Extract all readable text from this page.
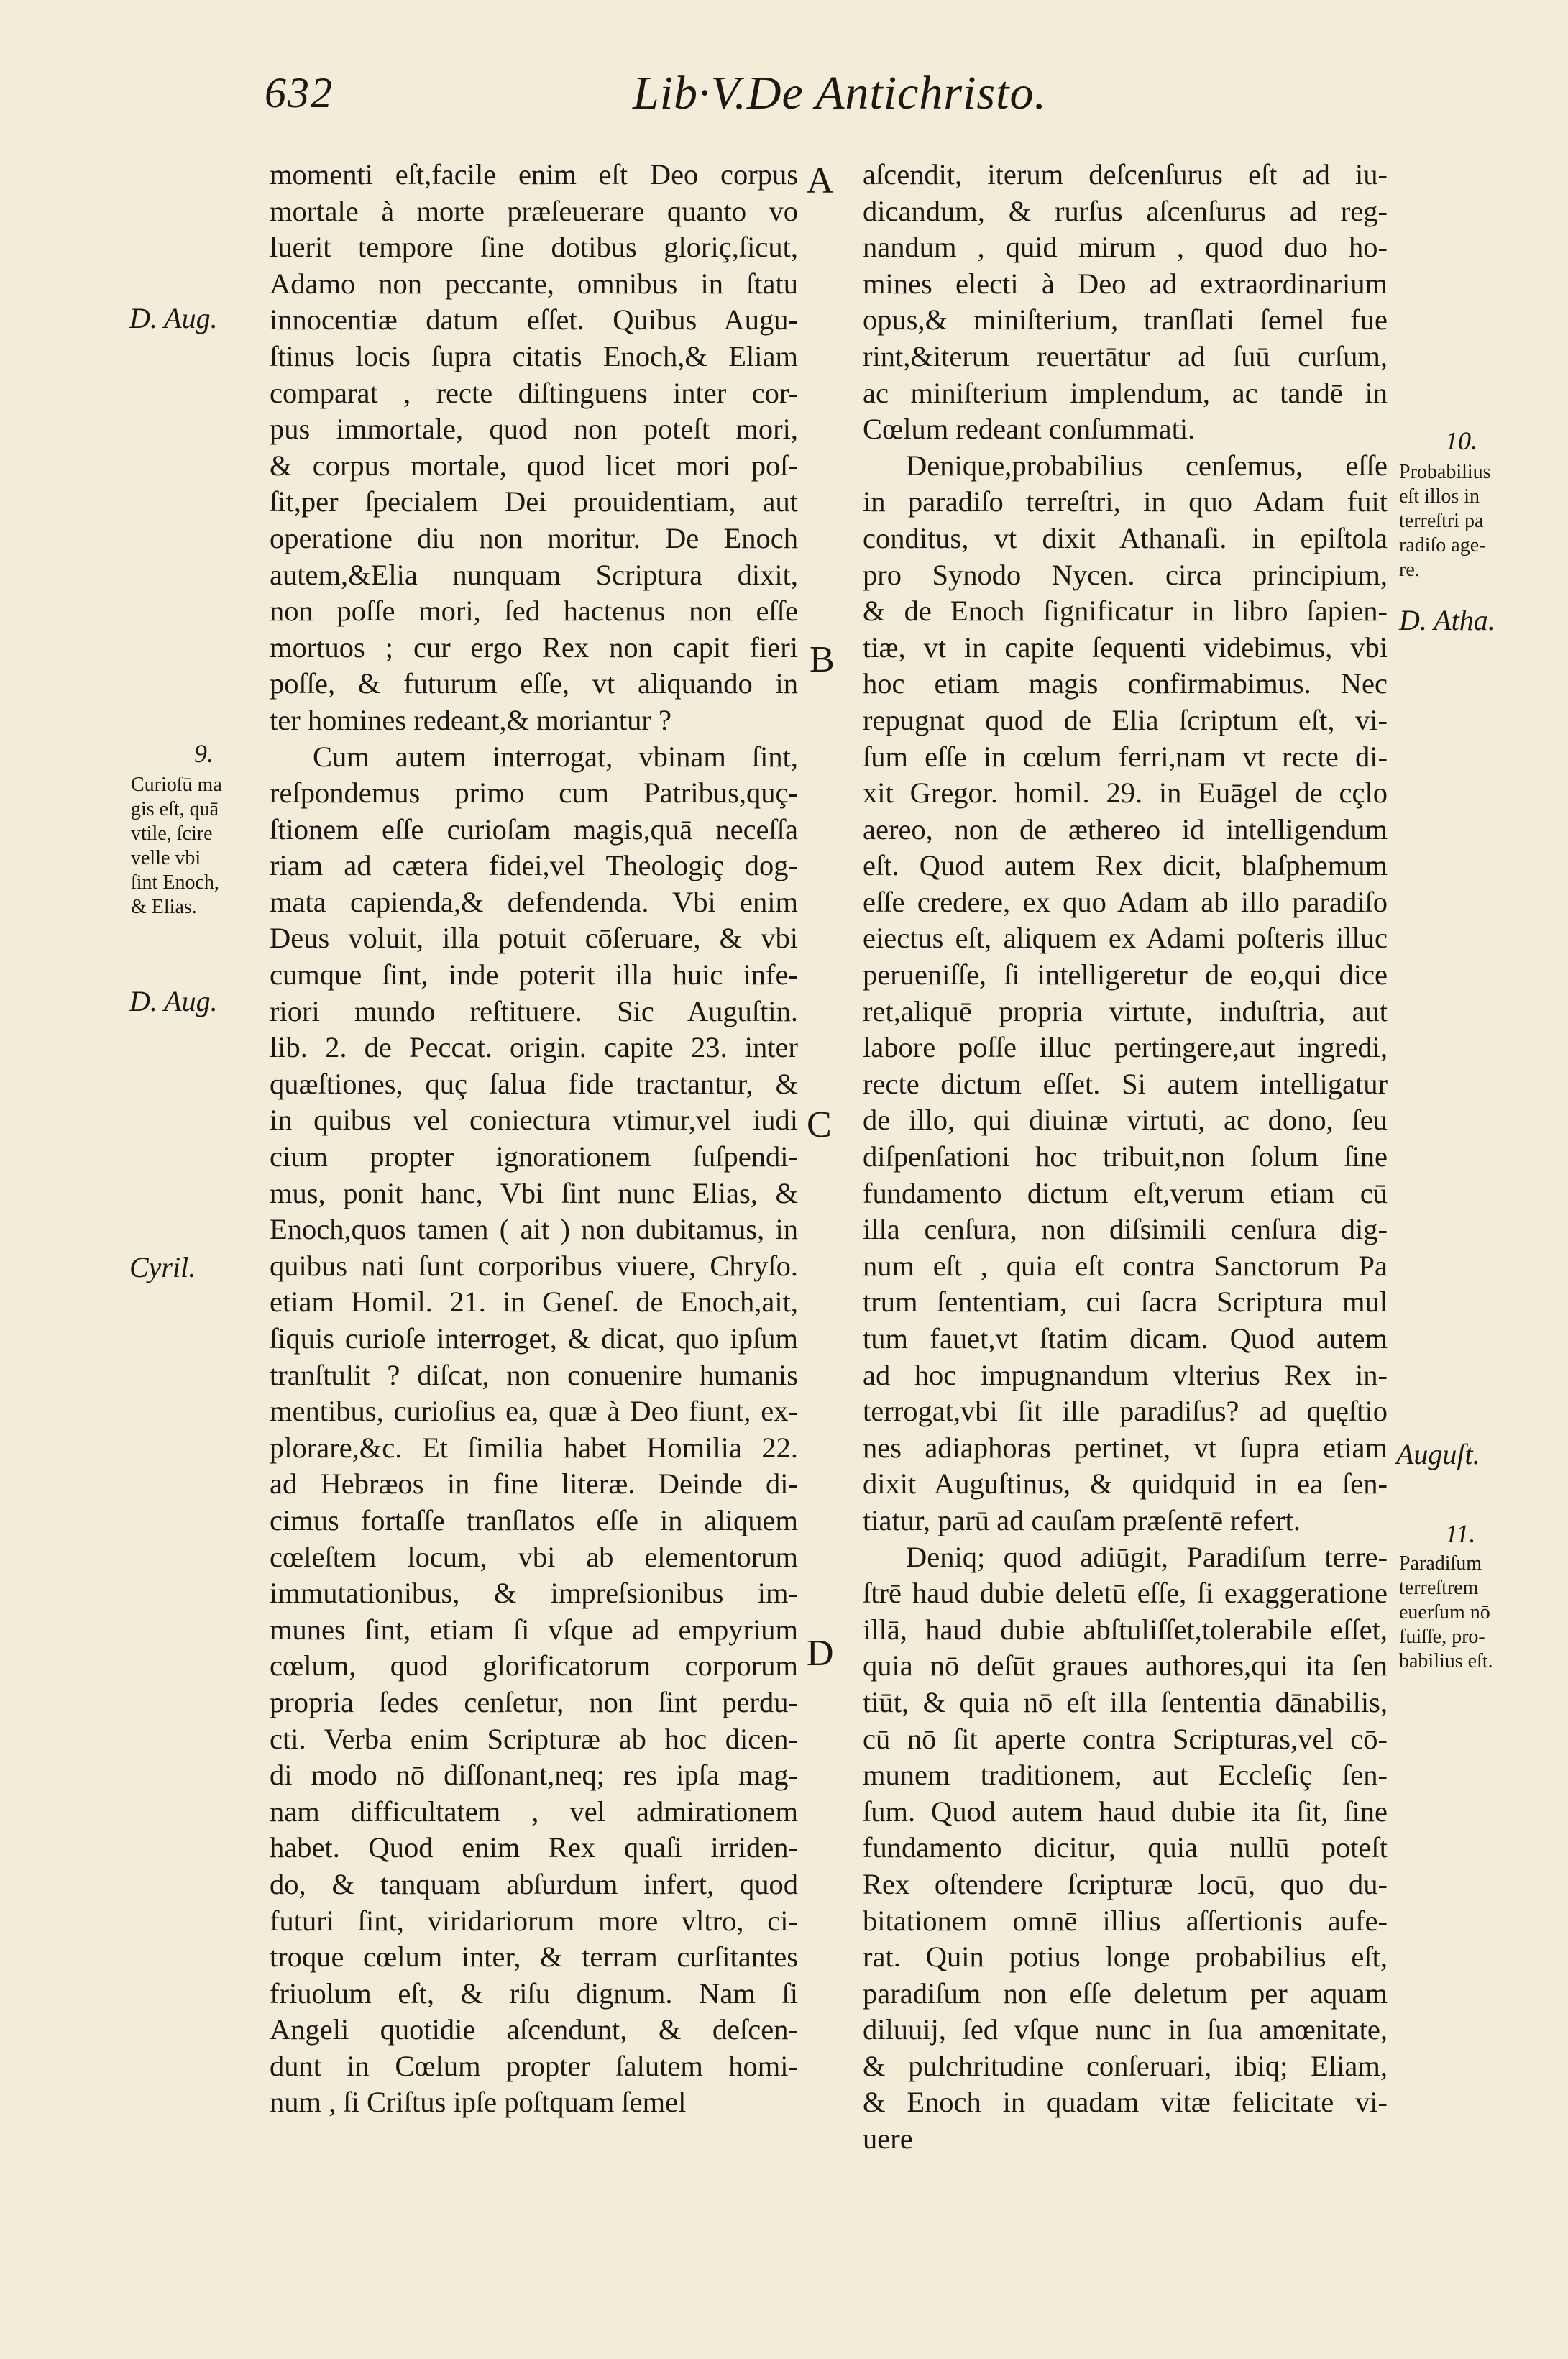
632	Lib·V.De Antichristo.
A
B
C
D
D. Aug.
9.
Curioſū ma
gis eſt, quā
vtile, ſcire
velle vbi
ſint Enoch,
& Elias.
D. Aug.
Cyril.
10.
Probabilius
eſt illos in
terreſtri pa
radiſo age-
re.
D. Atha.
Auguſt.
11.
Paradiſum
terreſtrem
euerſum nō
fuiſſe, pro-
babilius eſt.
momenti eſt,facile enim eſt Deo corpus
mortale à morte præſeuerare quanto vo
luerit tempore ſine dotibus gloriç,ſicut,
Adamo non peccante, omnibus in ſtatu
innocentiæ datum eſſet. Quibus Augu-
ſtinus locis ſupra citatis Enoch,& Eliam
comparat , recte diſtinguens inter cor-
pus immortale, quod non poteſt mori,
& corpus mortale, quod licet mori poſ-
ſit,per ſpecialem Dei prouidentiam, aut
operatione diu non moritur. De Enoch
autem,&Elia nunquam Scriptura dixit,
non poſſe mori, ſed hactenus non eſſe
mortuos ; cur ergo Rex non capit fieri
poſſe, & futurum eſſe, vt aliquando in
ter homines redeant,& moriantur ?
Cum autem interrogat, vbinam ſint,
reſpondemus primo cum Patribus,quç-
ſtionem eſſe curioſam magis,quā neceſſa
riam ad cætera fidei,vel Theologiç dog-
mata capienda,& defendenda. Vbi enim
Deus voluit, illa potuit cōſeruare, & vbi
cumque ſint, inde poterit illa huic infe-
riori mundo reſtituere. Sic Auguſtin.
lib. 2. de Peccat. origin. capite 23. inter
quæſtiones, quç ſalua fide tractantur, &
in quibus vel coniectura vtimur,vel iudi
cium propter ignorationem ſuſpendi-
mus, ponit hanc, Vbi ſint nunc Elias, &
Enoch,quos tamen ( ait ) non dubitamus, in
quibus nati ſunt corporibus viuere, Chryſo.
etiam Homil. 21. in Geneſ. de Enoch,ait,
ſiquis curioſe interroget, & dicat, quo ipſum
tranſtulit ? diſcat, non conuenire humanis
mentibus, curioſius ea, quæ à Deo fiunt, ex-
plorare,&c. Et ſimilia habet Homilia 22.
ad Hebræos in fine literæ. Deinde di-
cimus fortaſſe tranſlatos eſſe in aliquem
cœleſtem locum, vbi ab elementorum
immutationibus, & impreſsionibus im-
munes ſint, etiam ſi vſque ad empyrium
cœlum, quod glorificatorum corporum
propria ſedes cenſetur, non ſint perdu-
cti. Verba enim Scripturæ ab hoc dicen-
di modo nō diſſonant,neq; res ipſa mag-
nam difficultatem , vel admirationem
habet. Quod enim Rex quaſi irriden-
do, & tanquam abſurdum infert, quod
futuri ſint, viridariorum more vltro, ci-
troque cœlum inter, & terram curſitantes
friuolum eſt, & riſu dignum. Nam ſi
Angeli quotidie aſcendunt, & deſcen-
dunt in Cœlum propter ſalutem homi-
num , ſi Criſtus ipſe poſtquam ſemel
aſcendit, iterum deſcenſurus eſt ad iu-
dicandum, & rurſus aſcenſurus ad reg-
nandum , quid mirum , quod duo ho-
mines electi à Deo ad extraordinarium
opus,& miniſterium, tranſlati ſemel fue
rint,&iterum reuertātur ad ſuū curſum,
ac miniſterium implendum, ac tandē in
Cœlum redeant conſummati.
Denique,probabilius cenſemus, eſſe
in paradiſo terreſtri, in quo Adam fuit
conditus, vt dixit Athanaſi. in epiſtola
pro Synodo Nycen. circa principium,
& de Enoch ſignificatur in libro ſapien-
tiæ, vt in capite ſequenti videbimus, vbi
hoc etiam magis confirmabimus. Nec
repugnat quod de Elia ſcriptum eſt, vi-
ſum eſſe in cœlum ferri,nam vt recte di-
xit Gregor. homil. 29. in Euāgel de cçlo
aereo, non de æthereo id intelligendum
eſt. Quod autem Rex dicit, blaſphemum
eſſe credere, ex quo Adam ab illo paradiſo
eiectus eſt, aliquem ex Adami poſteris illuc
perueniſſe, ſi intelligeretur de eo,qui dice
ret,aliquē propria virtute, induſtria, aut
labore poſſe illuc pertingere,aut ingredi,
recte dictum eſſet. Si autem intelligatur
de illo, qui diuinæ virtuti, ac dono, ſeu
diſpenſationi hoc tribuit,non ſolum ſine
fundamento dictum eſt,verum etiam cū
illa cenſura, non diſsimili cenſura dig-
num eſt , quia eſt contra Sanctorum Pa
trum ſententiam, cui ſacra Scriptura mul
tum fauet,vt ſtatim dicam. Quod autem
ad hoc impugnandum vlterius Rex in-
terrogat,vbi ſit ille paradiſus? ad quęſtio
nes adiaphoras pertinet, vt ſupra etiam
dixit Auguſtinus, & quidquid in ea ſen-
tiatur, parū ad cauſam præſentē refert.
Deniq; quod adiūgit, Paradiſum terre-
ſtrē haud dubie deletū eſſe, ſi exaggeratione
illā, haud dubie abſtuliſſet,tolerabile eſſet,
quia nō deſūt graues authores,qui ita ſen
tiūt, & quia nō eſt illa ſententia dānabilis,
cū nō ſit aperte contra Scripturas,vel cō-
munem traditionem, aut Eccleſiç ſen-
ſum. Quod autem haud dubie ita ſit, ſine
fundamento dicitur, quia nullū poteſt
Rex oſtendere ſcripturæ locū, quo du-
bitationem omnē illius aſſertionis aufe-
rat. Quin potius longe probabilius eſt,
paradiſum non eſſe deletum per aquam
diluuij, ſed vſque nunc in ſua amœnitate,
& pulchritudine conſeruari, ibiq; Eliam,
& Enoch in quadam vitæ felicitate vi-
uere
